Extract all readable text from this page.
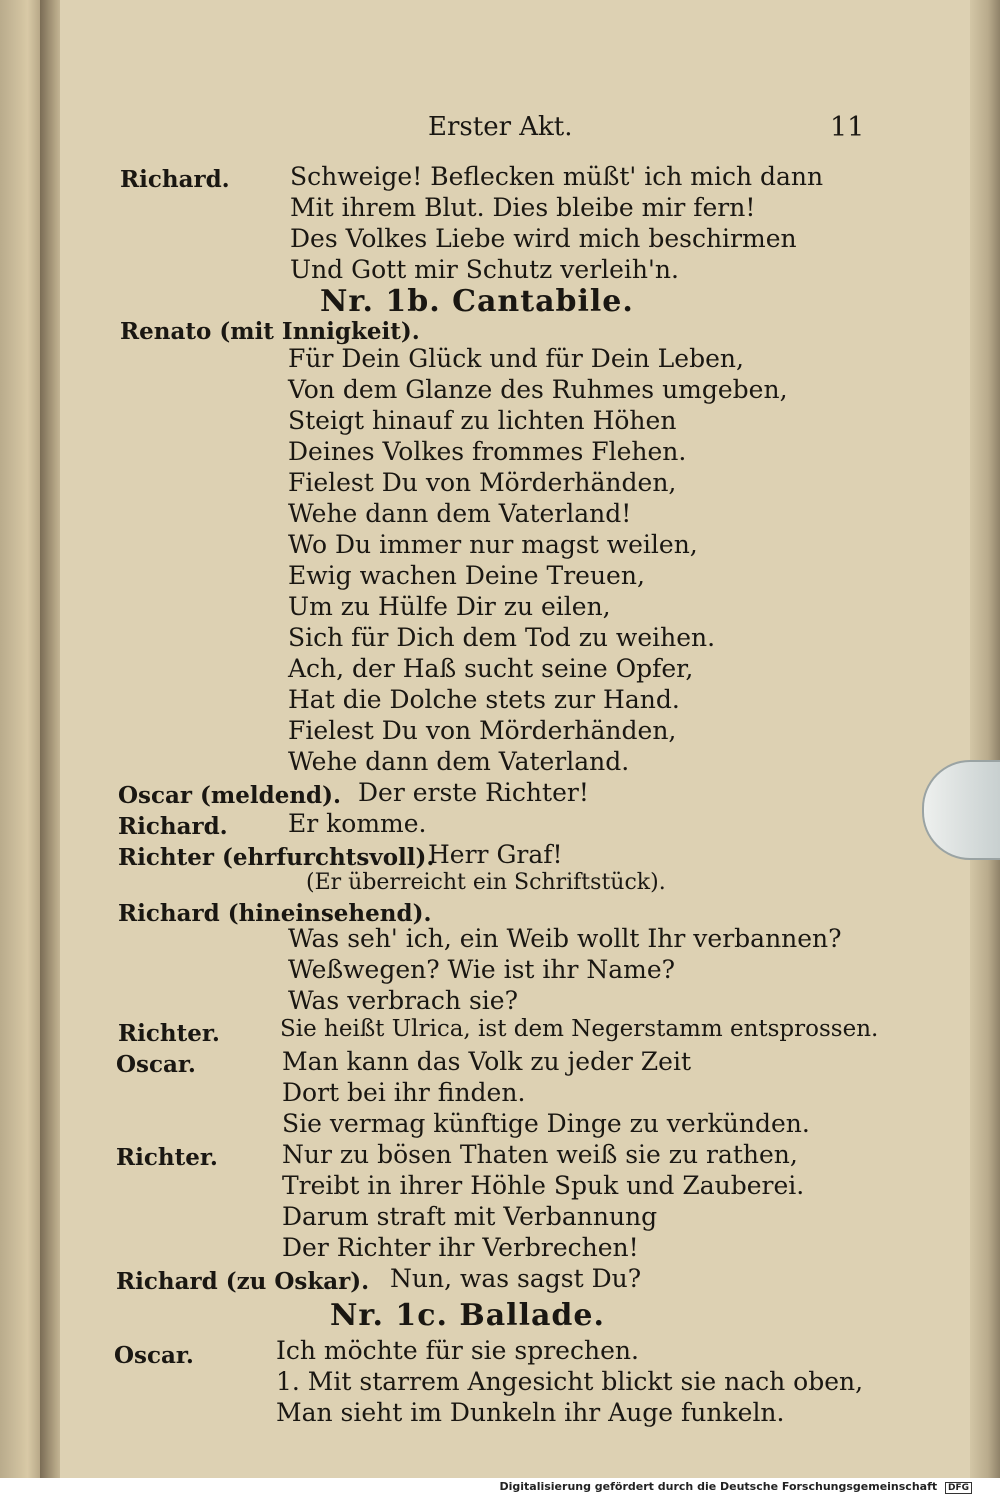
Erster Akt.	11
Richard. Schweige! Beflecken müßt' ich mich dann
Mit ihrem Blut. Dies bleibe mir fern!
Des Volkes Liebe wird mich beschirmen
Und Gott mir Schutz verleih'n.
Nr. 1b. Cantabile.
Renato (mit Innigkeit).
Für Dein Glück und für Dein Leben,
Von dem Glanze des Ruhmes umgeben,
Steigt hinauf zu lichten Höhen
Deines Volkes frommes Flehen.
Fielest Du von Mörderhänden,
Wehe dann dem Vaterland!
Wo Du immer nur magst weilen,
Ewig wachen Deine Treuen,
Um zu Hülfe Dir zu eilen,
Sich für Dich dem Tod zu weihen.
Ach, der Haß sucht seine Opfer,
Hat die Dolche stets zur Hand.
Fielest Du von Mörderhänden,
Wehe dann dem Vaterland.
Oscar (meldend). Der erste Richter!
Richard. Er komme.
Richter (ehrfurchtsvoll).
Herr Graf!
(Er überreicht ein Schriftstück).
Richard (hineinsehend).
Was seh' ich, ein Weib wollt Ihr verbannen?
Weßwegen? Wie ist ihr Name?
Was verbrach sie?
Richter.	Sie heißt Ulrica, ist dem Negerstamm entsprossen.
Oscar.	Man kann das Volk zu jeder Zeit
Dort bei ihr finden.
Sie vermag künftige Dinge zu verkünden.
Richter.	Nur zu bösen Thaten weiß sie zu rathen,
Treibt in ihrer Höhle Spuk und Zauberei.
Darum straft mit Verbannung
Der Richter ihr Verbrechen!
Richard (zu Oskar). Nun, was sagst Du?
Nr. 1c. Ballade.
Oscar.	Ich möchte für sie sprechen.
1. Mit starrem Angesicht blickt sie nach oben,
Man sieht im Dunkeln ihr Auge funkeln.
Digitalisierung gefördert durch die Deutsche Forschungsgemeinschaft DFG
